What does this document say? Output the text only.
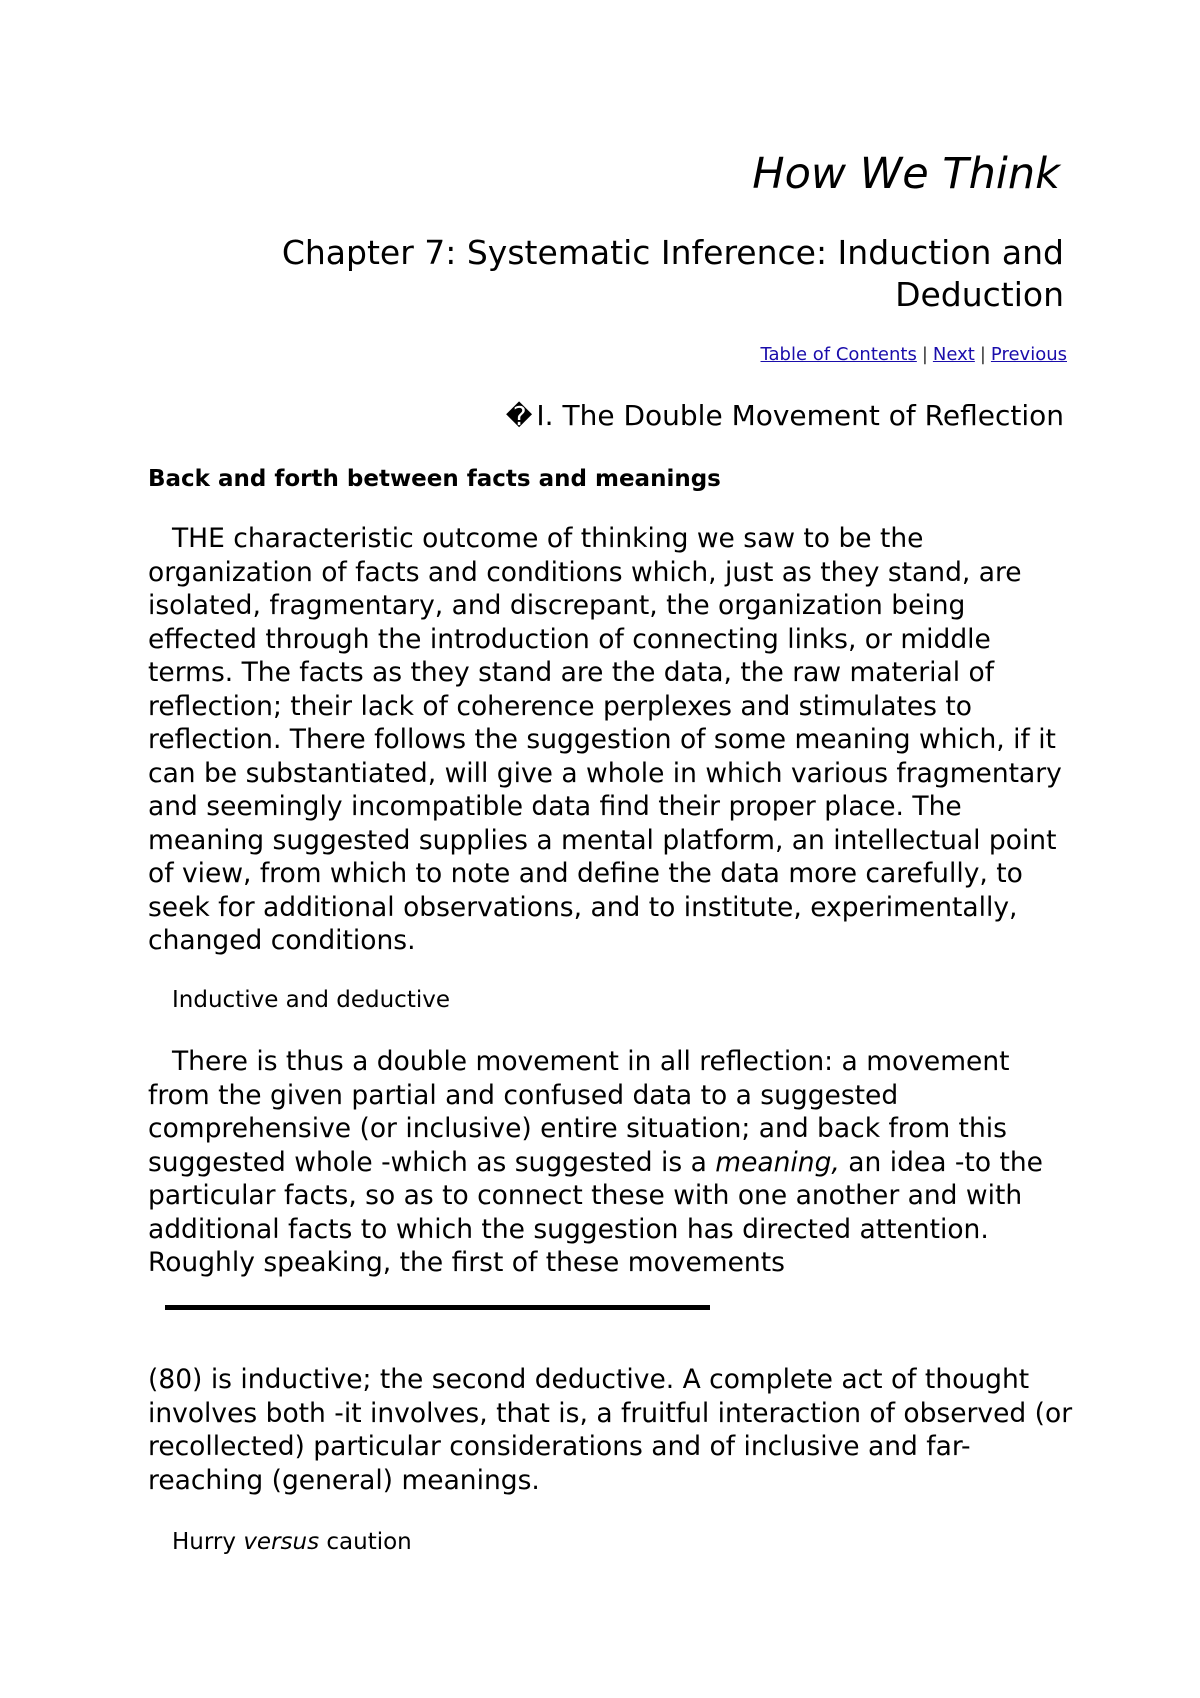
How We Think
Chapter 7: Systematic Inference: Induction and Deduction
Table of Contents | Next | Previous
� I. The Double Movement of Reflection
Back and forth between facts and meanings

THE characteristic outcome of thinking we saw to be the organization of facts and conditions which, just as they stand, are isolated, fragmentary, and discrepant, the organization being effected through the introduction of connecting links, or middle terms. The facts as they stand are the data, the raw material of reflection; their lack of coherence perplexes and stimulates to reflection. There follows the suggestion of some meaning which, if it can be substantiated, will give a whole in which various fragmentary and seemingly incompatible data find their proper place. The meaning suggested supplies a mental platform, an intellectual point of view, from which to note and define the data more carefully, to seek for additional observations, and to institute, experimentally, changed conditions.

Inductive and deductive

There is thus a double movement in all reflection: a movement from the given partial and confused data to a suggested comprehensive (or inclusive) entire situation; and back from this suggested whole -which as suggested is a meaning, an idea -to the particular facts, so as to connect these with one another and with additional facts to which the suggestion has directed attention. Roughly speaking, the first of these movements

(80) is inductive; the second deductive. A complete act of thought involves both -it involves, that is, a fruitful interaction of observed (or recollected) particular considerations and of inclusive and far-reaching (general) meanings.

Hurry versus caution
